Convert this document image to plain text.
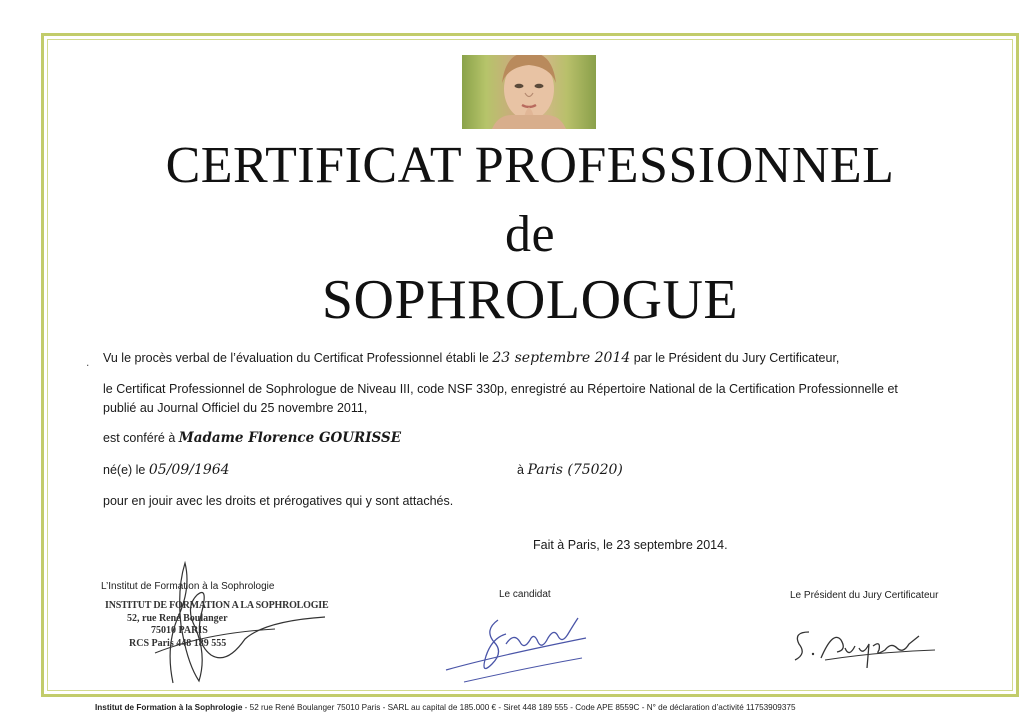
CERTIFICAT PROFESSIONNEL
de
SOPHROLOGUE
. Vu le procès verbal de l’évaluation du Certificat Professionnel établi le 23 septembre 2014 par le Président du Jury Certificateur,
le Certificat Professionnel de Sophrologue de Niveau III, code NSF 330p, enregistré au Répertoire National de la Certification Professionnelle et
publié au Journal Officiel du 25 novembre 2011,
est conféré à Madame Florence GOURISSE
né(e) le 05/09/1964	à Paris (75020)
pour en jouir avec les droits et prérogatives qui y sont attachés.
Fait à Paris, le 23 septembre 2014.
L’Institut de Formation à la Sophrologie
Le candidat	Le Président du Jury Certificateur
INSTITUT DE FORMATION A LA SOPHROLOGIE
52, rue René Boulanger
75010 PARIS
RCS Paris 448 189 555
Institut de Formation à la Sophrologie - 52 rue René Boulanger 75010 Paris - SARL au capital de 185.000 € - Siret 448 189 555 - Code APE 8559C - N° de déclaration d’activité 11753909375
